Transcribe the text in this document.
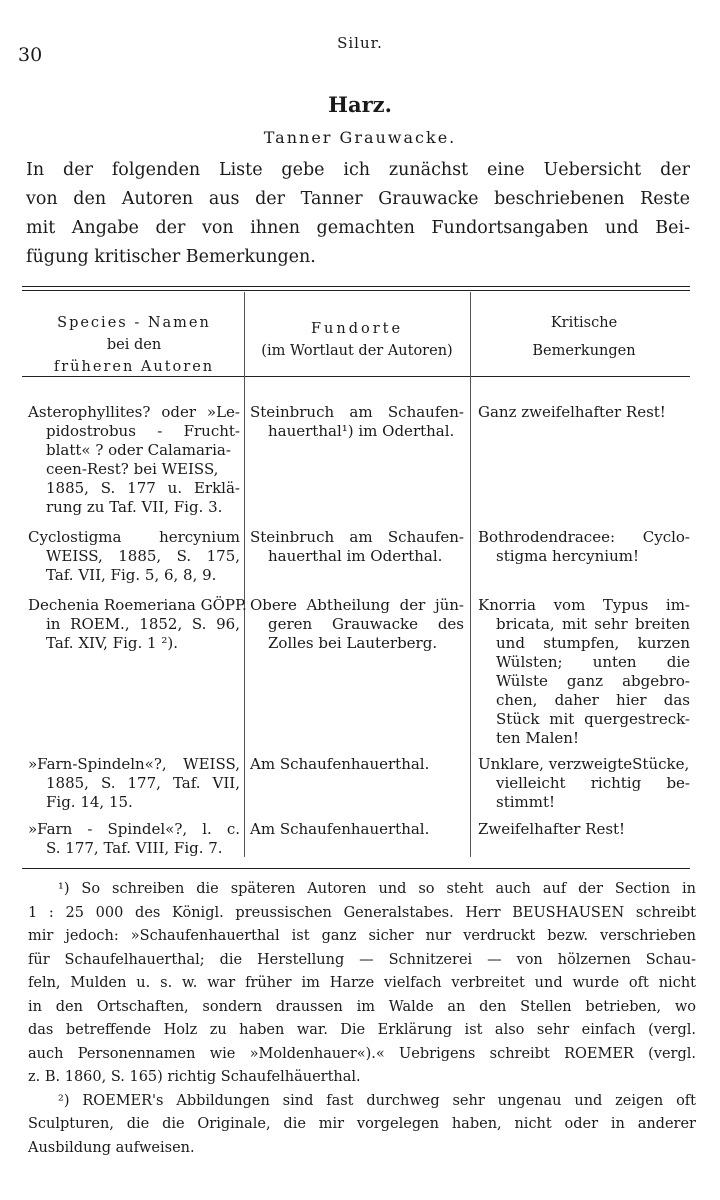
30
Silur.
Harz.
Tanner Grauwacke.
In der folgenden Liste gebe ich zunächst eine Uebersicht der
von den Autoren aus der Tanner Grauwacke beschriebenen Reste
mit Angabe der von ihnen gemachten Fundortsangaben und Bei-
fügung kritischer Bemerkungen.
Species - Namen
bei den
früheren Autoren
Fundorte
(im Wortlaut der Autoren)
Kritische
Bemerkungen
Asterophyllites? oder »Le-
pidostrobus - Frucht-
blatt« ? oder Calamaria-
ceen-Rest? bei WEISS,
1885, S. 177 u. Erklä-
rung zu Taf. VII, Fig. 3.
Steinbruch am Schaufen-
hauerthal¹) im Oderthal.
Ganz zweifelhafter Rest!
Cyclostigma hercynium
WEISS, 1885, S. 175,
Taf. VII, Fig. 5, 6, 8, 9.
Steinbruch am Schaufen-
hauerthal im Oderthal.
Bothrodendracee: Cyclo-
stigma hercynium!
Dechenia Roemeriana GÖPP.
in ROEM., 1852, S. 96,
Taf. XIV, Fig. 1 ²).
Obere Abtheilung der jün-
geren Grauwacke des
Zolles bei Lauterberg.
Knorria vom Typus im-
bricata, mit sehr breiten
und stumpfen, kurzen
Wülsten; unten die
Wülste ganz abgebro-
chen, daher hier das
Stück mit quergestreck-
ten Malen!
»Farn-Spindeln«?, WEISS,
1885, S. 177, Taf. VII,
Fig. 14, 15.
Am Schaufenhauerthal.	Unklare, verzweigteStücke,
vielleicht richtig be-
stimmt!
»Farn - Spindel«?, l. c.
S. 177, Taf. VIII, Fig. 7.
Am Schaufenhauerthal.	Zweifelhafter Rest!
¹) So schreiben die späteren Autoren und so steht auch auf der Section in
1 : 25 000 des Königl. preussischen Generalstabes. Herr BEUSHAUSEN schreibt
mir jedoch: »Schaufenhauerthal ist ganz sicher nur verdruckt bezw. verschrieben
für Schaufelhauerthal; die Herstellung — Schnitzerei — von hölzernen Schau-
feln, Mulden u. s. w. war früher im Harze vielfach verbreitet und wurde oft nicht
in den Ortschaften, sondern draussen im Walde an den Stellen betrieben, wo
das betreffende Holz zu haben war. Die Erklärung ist also sehr einfach (vergl.
auch Personennamen wie »Moldenhauer«).« Uebrigens schreibt ROEMER (vergl.
z. B. 1860, S. 165) richtig Schaufelhäuerthal.
²) ROEMER's Abbildungen sind fast durchweg sehr ungenau und zeigen oft
Sculpturen, die die Originale, die mir vorgelegen haben, nicht oder in anderer
Ausbildung aufweisen.
